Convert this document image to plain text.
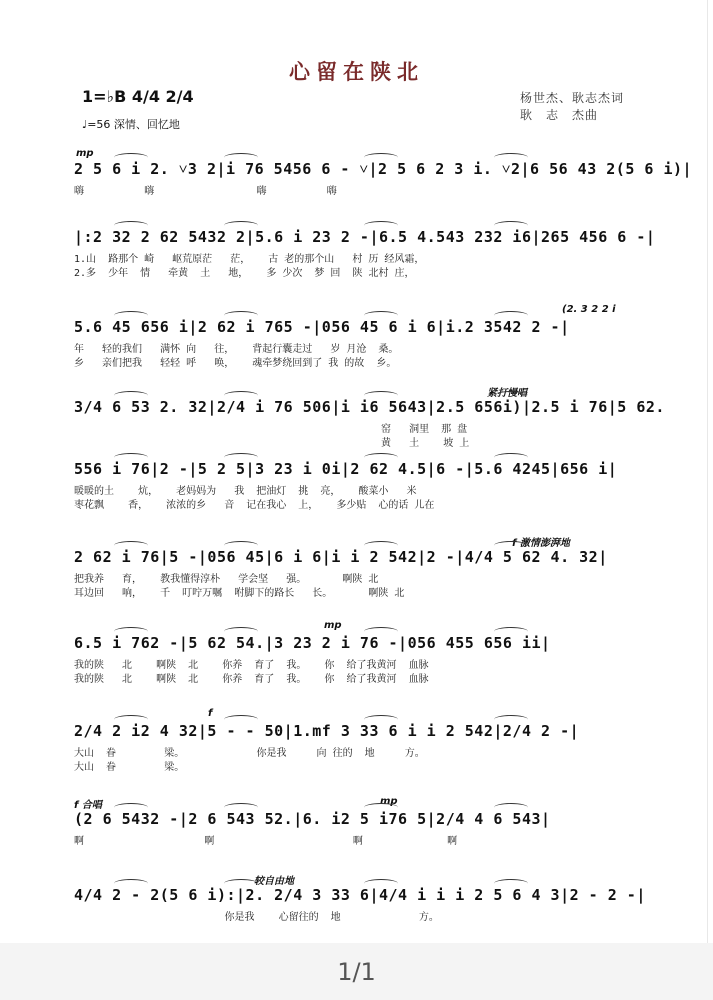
心留在陕北
1=♭B 4/4 2/4
♩=56 深情、回忆地
杨世杰、耿志杰词
耿　志　杰曲
2 5 6 i 2. ˅3 2|i 76 5456 6 - ˅|2 5 6 2 3 i. ˅2|6 56 43 2(5 6 i)|
嗨          嗨                 嗨          嗨
mp
|:2 32 2 62 5432 2|5.6 i 23 2 -|6.5 4.543 232 i6|265 456 6 -|
1.山  路那个 崎   岖荒原茫   茫，   古 老的那个山   村 历 经风霜，
2.多  少年  情   牵黄  土   地，   多 少次  梦 回  陕 北村 庄，
5.6 45 656 i|2 62 i 765 -|056 45 6 i 6|i.2 3542 2 -|
年   轻的我们   满怀 向   往，   背起行囊走过   岁 月沧  桑。
乡   亲们把我   轻轻 呼   唤，   魂牵梦绕回到了 我 的故  乡。
(2. 3 2 2 i
3/4 6 53 2. 32|2/4 i 76 506|i i6 5643|2.5 656i)|2.5 i 76|5 62.
窑   洞里  那 盘
黄   土    坡 上
紧打慢唱
556 i 76|2 -|5 2 5|3 23 i 0i|2 62 4.5|6 -|5.6 4245|656 i|
暖暖的土    炕，   老妈妈为   我  把油灯  挑  亮，   酸菜小   米
枣花飘    香，   浓浓的乡   音  记在我心  上，   多少贴  心的话 儿在
2 62 i 76|5 -|056 45|6 i 6|i i 2 542|2 -|4/4 5 62 4. 32|
把我养   育，   教我懂得淳朴   学会坚   强。      啊陕 北
耳边回   响，   千  叮咛万嘱  咐脚下的路长   长。      啊陕 北
f 激情澎湃地
6.5 i 762 -|5 62 54.|3 23 2 i 76 -|056 455 656 ii|
我的陕   北    啊陕  北    你养  育了  我。   你  给了我黄河  血脉
我的陕   北    啊陕  北    你养  育了  我。   你  给了我黄河  血脉
mp
2/4 2 i2 4 32|5 - - 50|1.mf 3 33 6 i i 2 542|2/4 2 -|
大山  眷        梁。            你是我     向 往的  地     方。
大山  眷        梁。
f
(2 6 5432 -|2 6 543 52.|6. i2 5 i76 5|2/4 4 6 543|
啊                    啊                       啊              啊
f 合唱	mp
4/4 2 - 2(5 6 i):|2. 2/4 3 33 6|4/4 i i i 2 5 6 4 3|2 - 2 -|
你是我    心留往的  地             方。
较自由地
1/1
